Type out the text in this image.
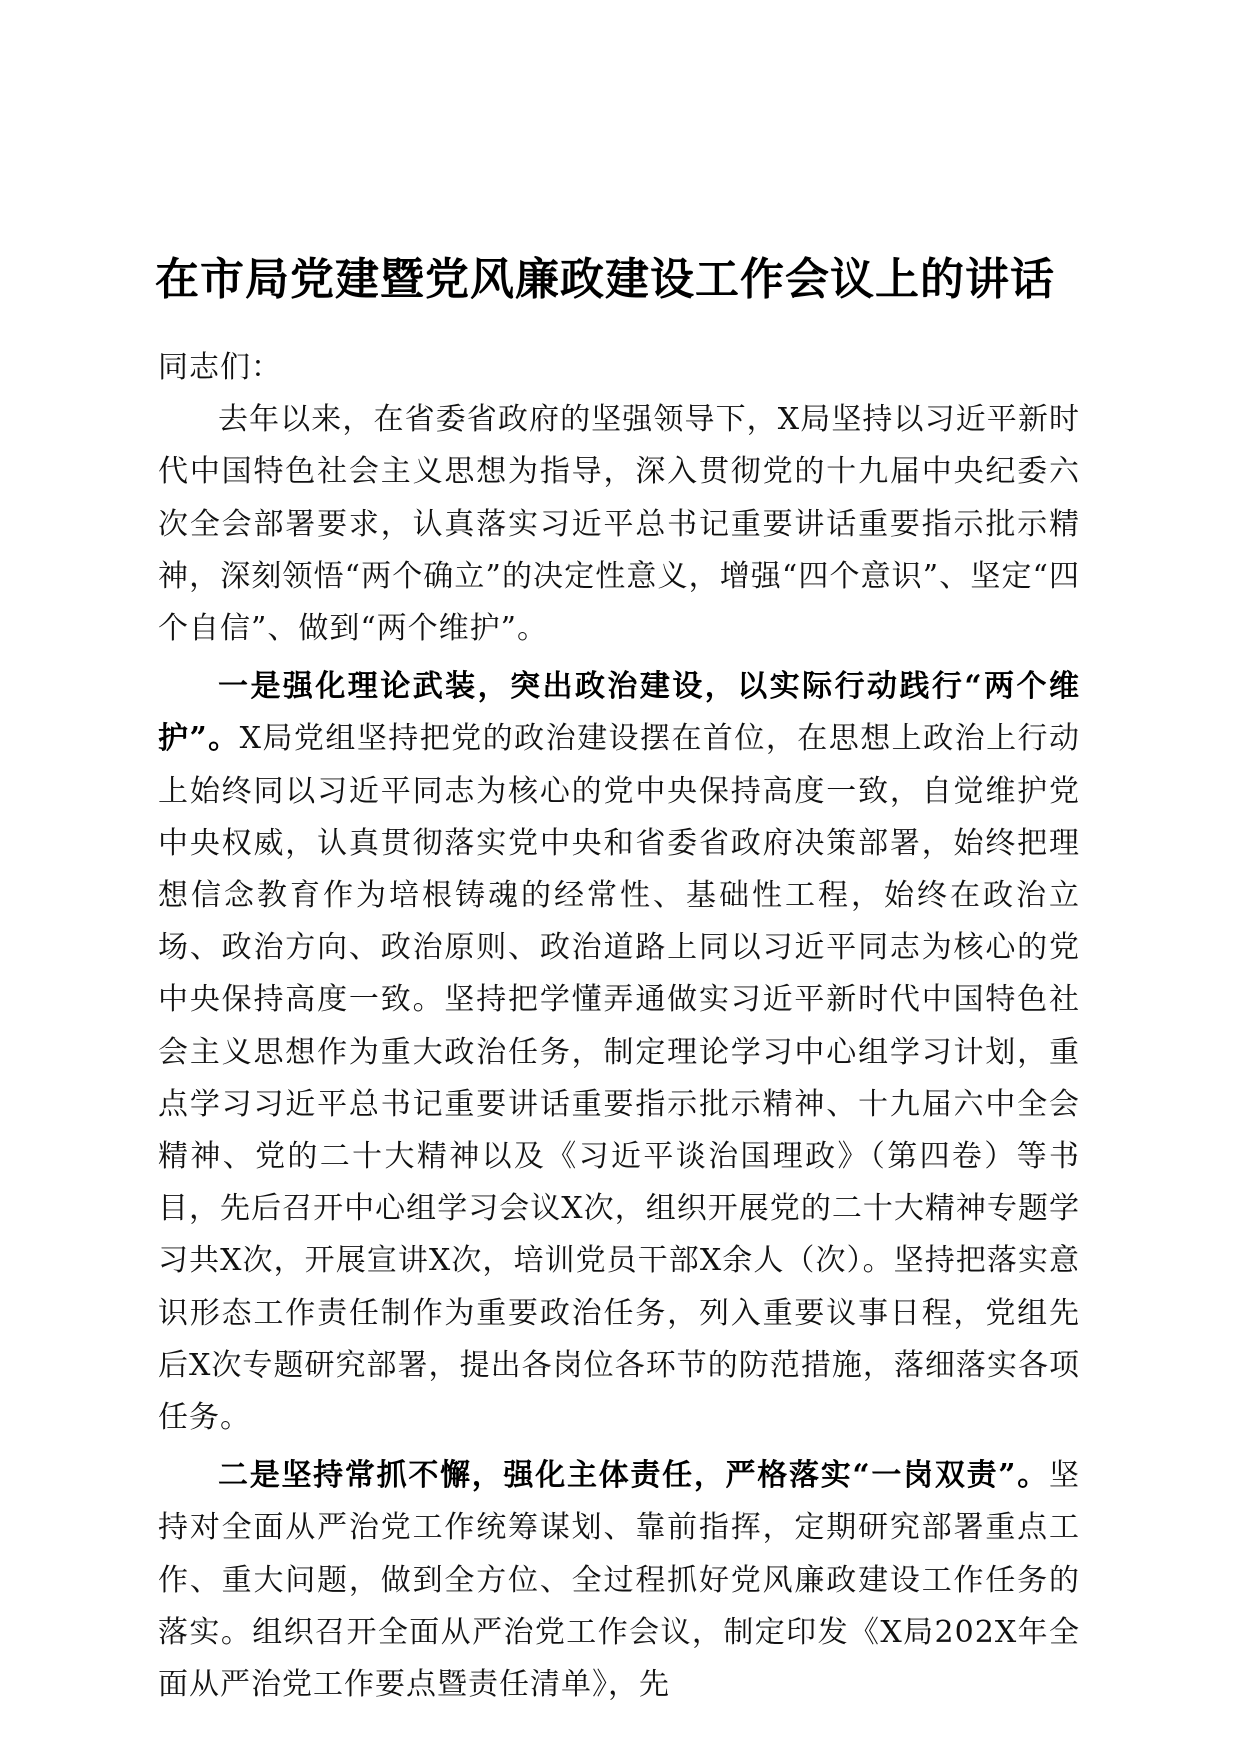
在市局党建暨党风廉政建设工作会议上的讲话

同志们：

去年以来，在省委省政府的坚强领导下，X局坚持以习近平新时代中国特色社会主义思想为指导，深入贯彻党的十九届中央纪委六次全会部署要求，认真落实习近平总书记重要讲话重要指示批示精神，深刻领悟“两个确立”的决定性意义，增强“四个意识”、坚定“四个自信”、做到“两个维护”。

一是强化理论武装，突出政治建设，以实际行动践行“两个维护”。X局党组坚持把党的政治建设摆在首位，在思想上政治上行动上始终同以习近平同志为核心的党中央保持高度一致，自觉维护党中央权威，认真贯彻落实党中央和省委省政府决策部署，始终把理想信念教育作为培根铸魂的经常性、基础性工程，始终在政治立场、政治方向、政治原则、政治道路上同以习近平同志为核心的党中央保持高度一致。坚持把学懂弄通做实习近平新时代中国特色社会主义思想作为重大政治任务，制定理论学习中心组学习计划，重点学习习近平总书记重要讲话重要指示批示精神、十九届六中全会精神、党的二十大精神以及《习近平谈治国理政》（第四卷）等书目，先后召开中心组学习会议X次，组织开展党的二十大精神专题学习共X次，开展宣讲X次，培训党员干部X余人（次）。坚持把落实意识形态工作责任制作为重要政治任务，列入重要议事日程，党组先后X次专题研究部署，提出各岗位各环节的防范措施，落细落实各项任务。

二是坚持常抓不懈，强化主体责任，严格落实“一岗双责”。坚持对全面从严治党工作统筹谋划、靠前指挥，定期研究部署重点工作、重大问题，做到全方位、全过程抓好党风廉政建设工作任务的落实。组织召开全面从严治党工作会议，制定印发《X局202X年全面从严治党工作要点暨责任清单》，先
